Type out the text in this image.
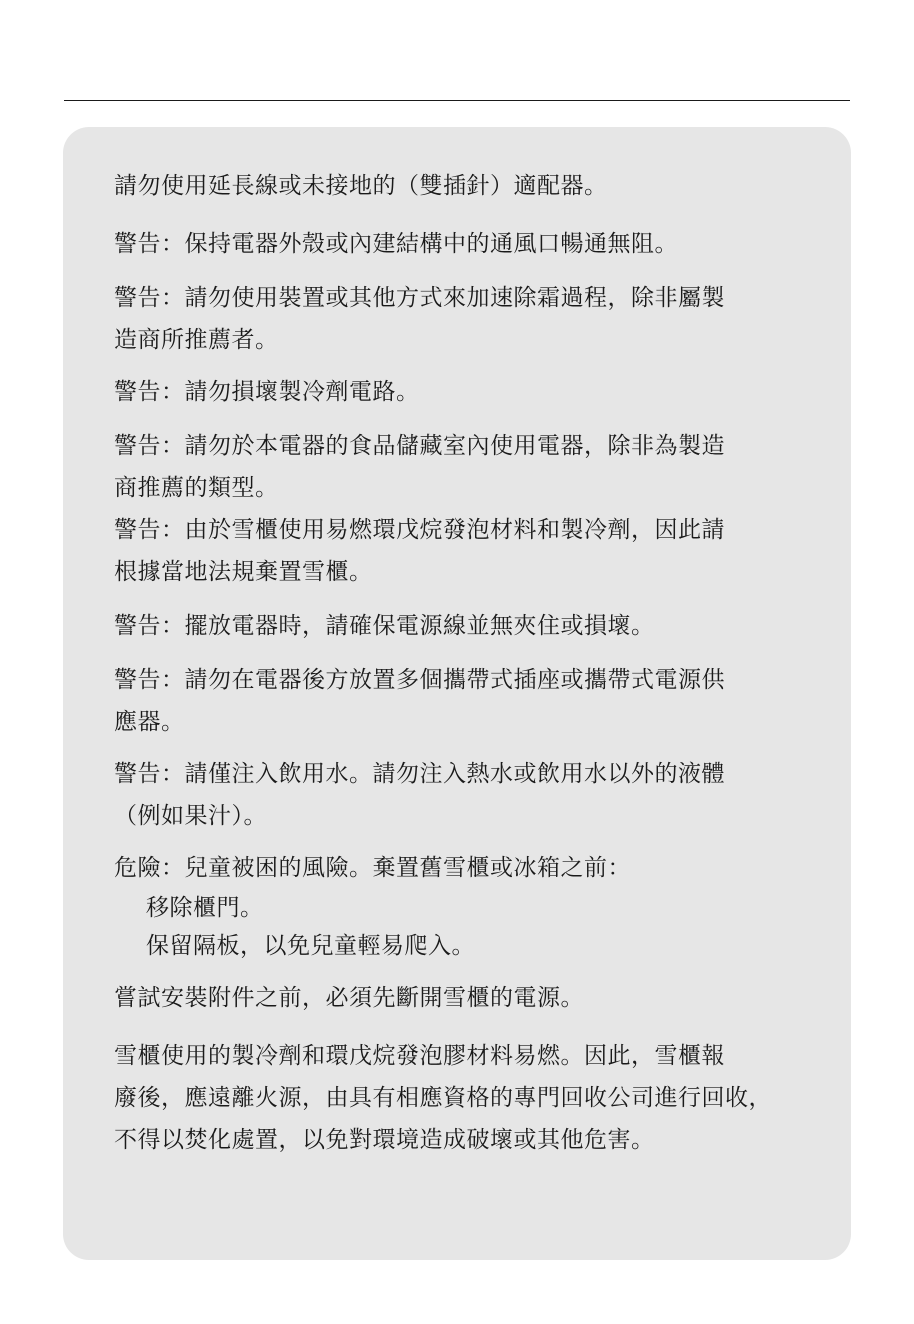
請勿使用延長線或未接地的（雙插針）適配器。

警告：保持電器外殼或內建結構中的通風口暢通無阻。

警告：請勿使用裝置或其他方式來加速除霜過程，除非屬製
造商所推薦者。

警告：請勿損壞製冷劑電路。

警告：請勿於本電器的食品儲藏室內使用電器，除非為製造
商推薦的類型。

警告：由於雪櫃使用易燃環戊烷發泡材料和製冷劑，因此請
根據當地法規棄置雪櫃。

警告：擺放電器時，請確保電源線並無夾住或損壞。

警告：請勿在電器後方放置多個攜帶式插座或攜帶式電源供
應器。

警告：請僅注入飲用水。請勿注入熱水或飲用水以外的液體
（例如果汁）。

危險：兒童被困的風險。棄置舊雪櫃或冰箱之前：

移除櫃門。

保留隔板，以免兒童輕易爬入。

嘗試安裝附件之前，必須先斷開雪櫃的電源。

雪櫃使用的製冷劑和環戊烷發泡膠材料易燃。因此，雪櫃報
廢後，應遠離火源，由具有相應資格的專門回收公司進行回收，
不得以焚化處置，以免對環境造成破壞或其他危害。
